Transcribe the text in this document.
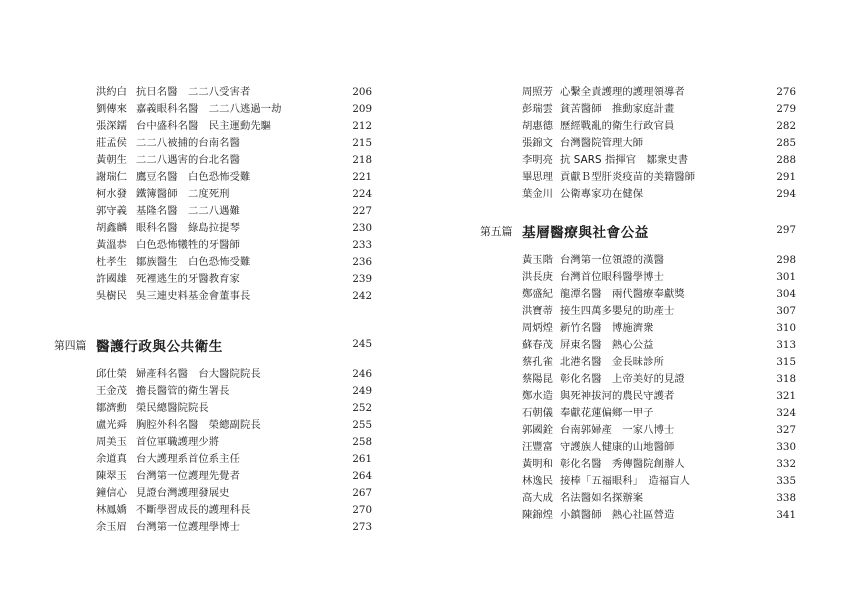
洪約白 抗日名醫　二二八受害者	206
劉傳來 嘉義眼科名醫　二二八逃過一劫	209
張深鑐 台中盛科名醫　民主運動先驅	212
莊孟侯 二二八被捕的台南名醫	215
黃朝生 二二八遇害的台北名醫	218
謝瑞仁 鷹豆名醫　白色恐怖受難	221
柯水發 鐵簿醫師　二度死刑	224
郭守義 基隆名醫　二二八遇難	227
胡鑫麟 眼科名醫　綠島拉提琴	230
黃溫恭 白色恐怖犧牲的牙醫師	233
杜孝生 鄒族醫生　白色恐怖受難	236
許國雄 死裡逃生的牙醫教育家	239
吳樹民 吳三連史料基金會董事長	242
第四篇 醫護行政與公共衛生	245
邱仕榮 婦產科名醫　台大醫院院長	246
王金茂 擔長醫管的衛生署長	249
鄒濟勳 榮民總醫院院長	252
盧光舜 胸腔外科名醫　榮總副院長	255
周美玉 首位軍職護理少將	258
余道真 台大護理系首位系主任	261
陳翠玉 台灣第一位護理先覺者	264
鐘信心 見證台灣護理發展史	267
林鳳嬌 不斷學習成長的護理科長	270
余玉眉 台灣第一位護理學博士	273
周照芳 心繫全責護理的護理領導者	276
彭瑞雲 貧苦醫師　推動家庭計畫	279
胡惠德 歷經戰亂的衛生行政官員	282
張錦文 台灣醫院管理大師	285
李明亮 抗 SARS 指揮官　鄒衆史書	288
畢思理 貢獻Ｂ型肝炎疫苗的美籍醫師	291
葉金川 公衛專家功在健保	294
第五篇 基層醫療與社會公益	297
黃玉階 台灣第一位領證的漢醫	298
洪長庚 台灣首位眼科醫學博士	301
鄭盛紀 龍潭名醫　兩代醫療奉獻獎	304
洪寶蒂 接生四萬多嬰兒的助產士	307
周炳煌 新竹名醫　博施濟衆	310
蘇春茂 屏東名醫　熱心公益	313
蔡孔雀 北港名醫　金長昧診所	315
蔡陽昆 彰化名醫　上帝美好的見證	318
鄭水造 與死神拔河的農民守護者	321
石朝儀 奉獻花蓮偏鄉一甲子	324
郭國銓 台南郭婦產　一家八博士	327
汪豐富 守護族人健康的山地醫師	330
黃明和 彰化名醫　秀傳醫院創辦人	332
林逸民 接棒「五福眼科」　造福盲人	335
高大成 名法醫如名探辦案	338
陳錦煌 小鎮醫師　熱心社區營造	341
